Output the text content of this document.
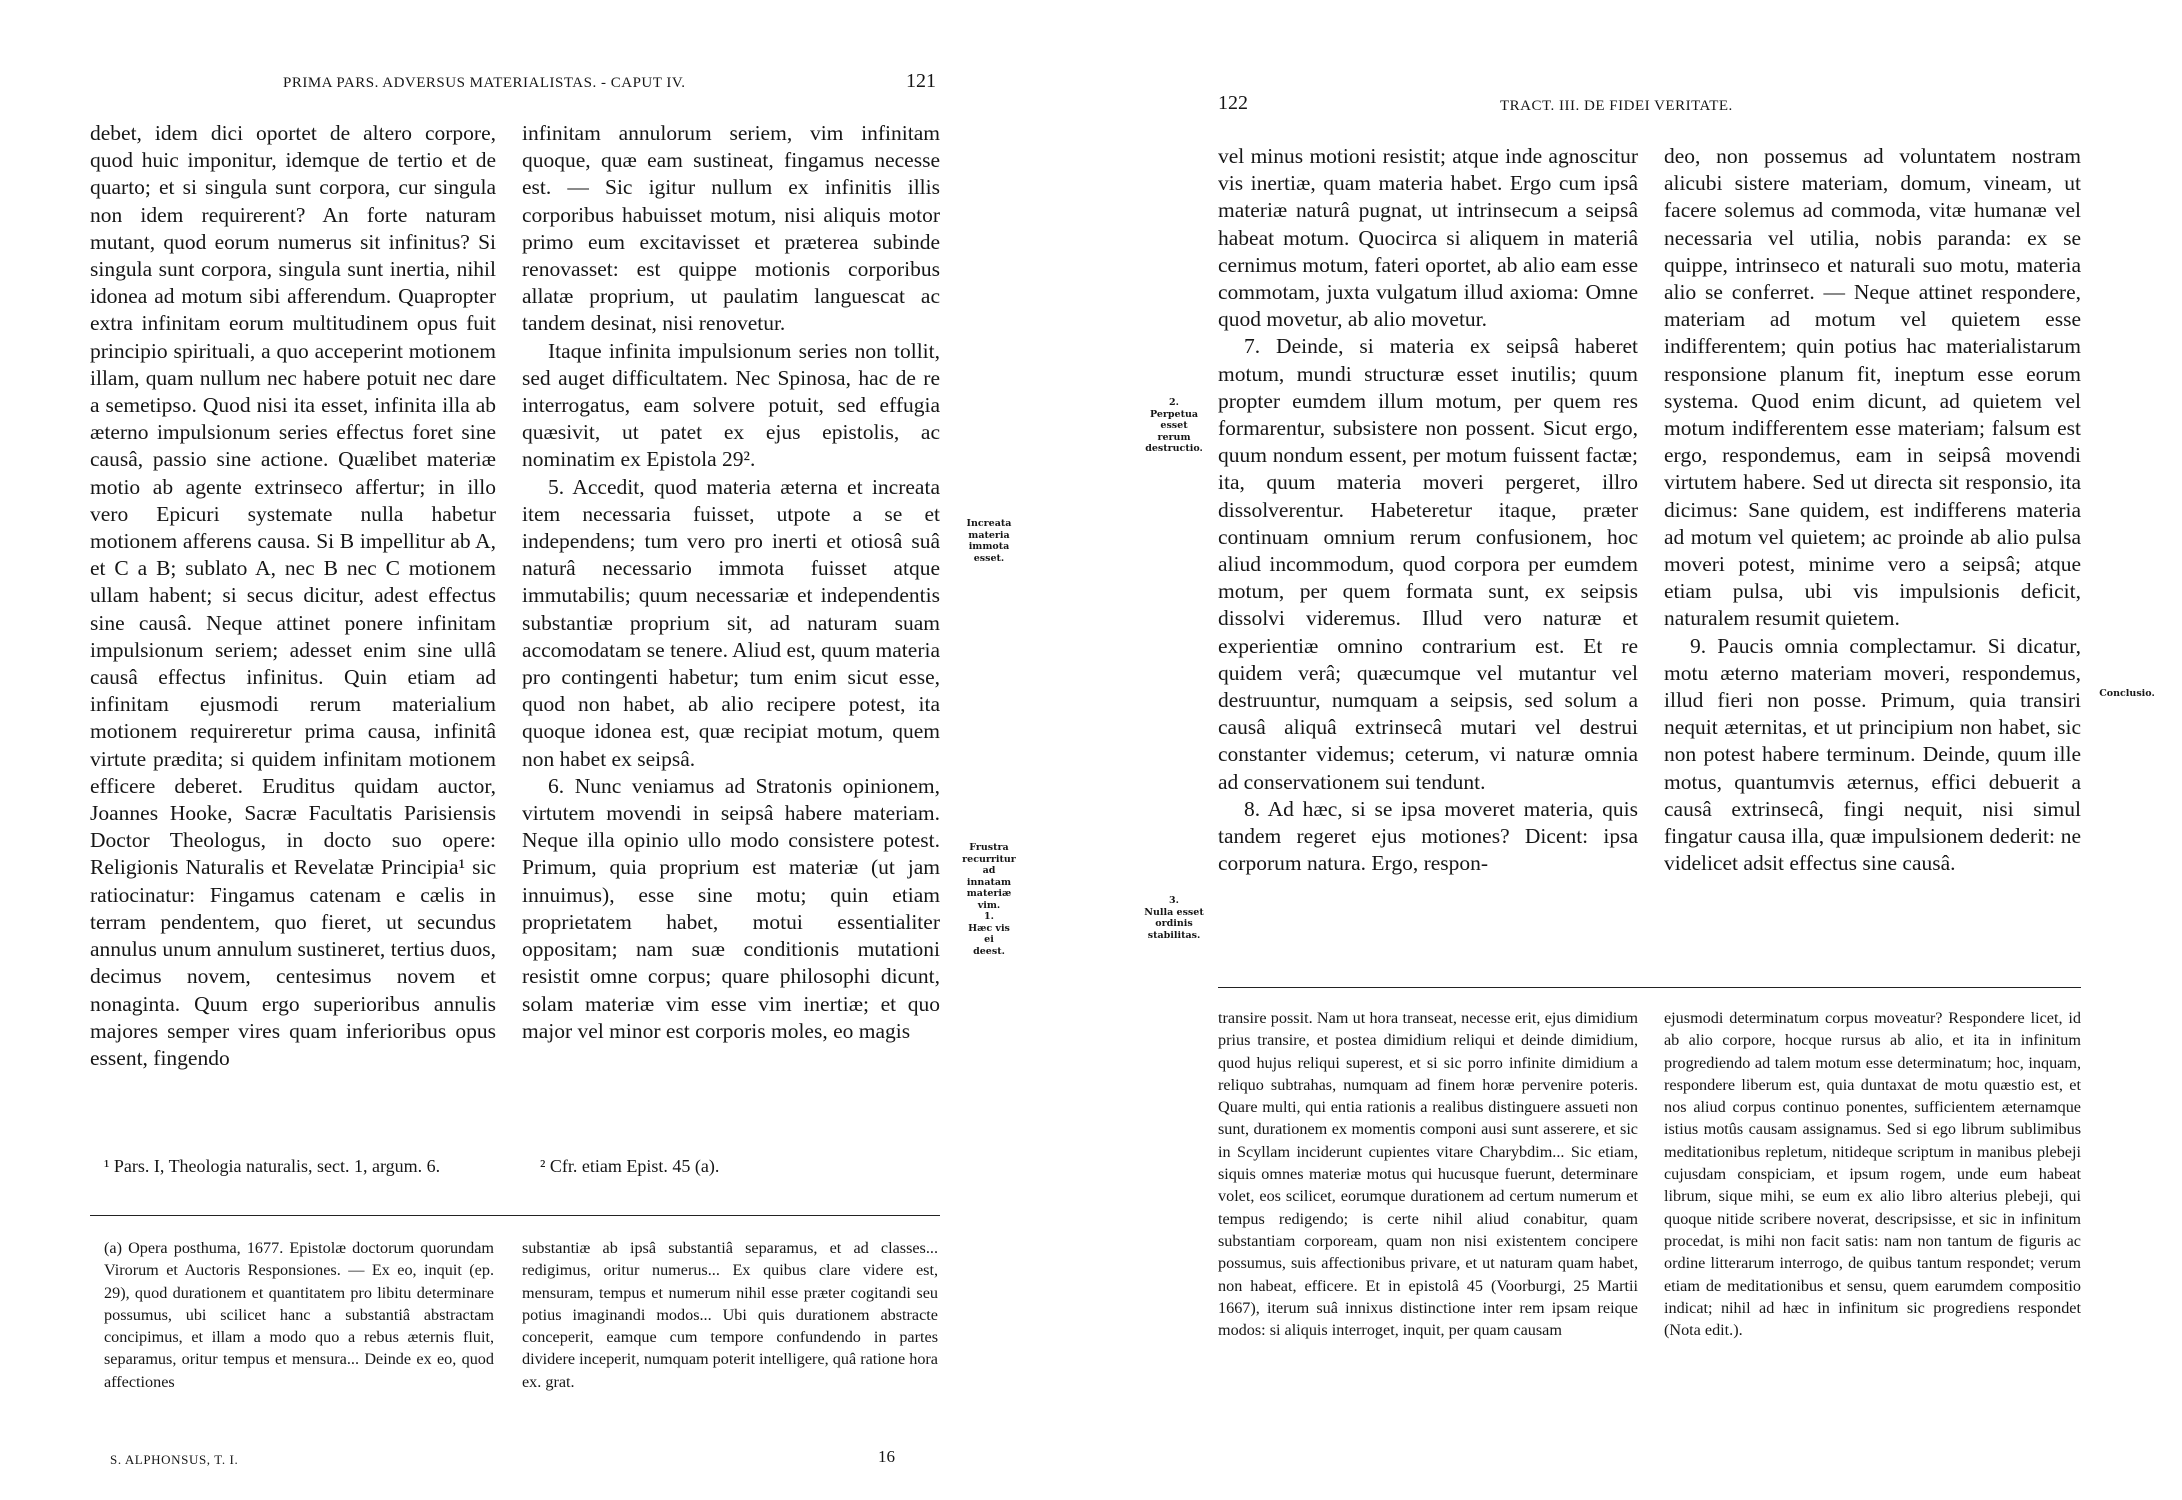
PRIMA PARS. ADVERSUS MATERIALISTAS. - CAPUT IV.	121

debet, idem dici oportet de altero corpore, quod huic imponitur, idemque de tertio et de quarto; et si singula sunt corpora, cur singula non idem requirerent? An forte naturam mutant, quod eorum numerus sit infinitus? Si singula sunt corpora, singula sunt inertia, nihil idonea ad motum sibi afferendum. Quapropter extra infinitam eorum multitudinem opus fuit principio spirituali, a quo acceperint motionem illam, quam nullum nec habere potuit nec dare a semetipso. Quod nisi ita esset, infinita illa ab æterno impulsionum series effectus foret sine causâ, passio sine actione. Quælibet materiæ motio ab agente extrinseco affertur; in illo vero Epicuri systemate nulla habetur motionem afferens causa. Si B impellitur ab A, et C a B; sublato A, nec B nec C motionem ullam habent; si secus dicitur, adest effectus sine causâ. Neque attinet ponere infinitam impulsionum seriem; adesset enim sine ullâ causâ effectus infinitus. Quin etiam ad infinitam ejusmodi rerum materialium motionem requireretur prima causa, infinitâ virtute prædita; si quidem infinitam motionem efficere deberet. Eruditus quidam auctor, Joannes Hooke, Sacræ Facultatis Parisiensis Doctor Theologus, in docto suo opere: Religionis Naturalis et Revelatæ Principia¹ sic ratiocinatur: Fingamus catenam e cælis in terram pendentem, quo fieret, ut secundus annulus unum annulum sustineret, tertius duos, decimus novem, centesimus novem et nonaginta. Quum ergo superioribus annulis majores semper vires quam inferioribus opus essent, fingendo

infinitam annulorum seriem, vim infinitam quoque, quæ eam sustineat, fingamus necesse est. — Sic igitur nullum ex infinitis illis corporibus habuisset motum, nisi aliquis motor primo eum excitavisset et præterea subinde renovasset: est quippe motionis corporibus allatæ proprium, ut paulatim languescat ac tandem desinat, nisi renovetur.

Itaque infinita impulsionum series non tollit, sed auget difficultatem. Nec Spinosa, hac de re interrogatus, eam solvere potuit, sed effugia quæsivit, ut patet ex ejus epistolis, ac nominatim ex Epistola 29².

5. Accedit, quod materia æterna et increata item necessaria fuisset, utpote a se et independens; tum vero pro inerti et otiosâ suâ naturâ necessario immota fuisset atque immutabilis; quum necessariæ et independentis substantiæ proprium sit, ad naturam suam accomodatam se tenere. Aliud est, quum materia pro contingenti habetur; tum enim sicut esse, quod non habet, ab alio recipere potest, ita quoque idonea est, quæ recipiat motum, quem non habet ex seipsâ.

6. Nunc veniamus ad Stratonis opinionem, virtutem movendi in seipsâ habere materiam. Neque illa opinio ullo modo consistere potest. Primum, quia proprium est materiæ (ut jam innuimus), esse sine motu; quin etiam proprietatem habet, motui essentialiter oppositam; nam suæ conditionis mutationi resistit omne corpus; quare philosophi dicunt, solam materiæ vim esse vim inertiæ; et quo major vel minor est corporis moles, eo magis

Increata
materia
immota
esset.
Frustra
recurritur
ad
innatam
materiæ
vim.
1.
Hæc vis
ei
deest.
¹ Pars. I, Theologia naturalis, sect. 1, argum. 6.	² Cfr. etiam Epist. 45 (a).
(a) Opera posthuma, 1677. Epistolæ doctorum quorundam Virorum et Auctoris Responsiones. — Ex eo, inquit (ep. 29), quod durationem et quantitatem pro libitu determinare possumus, ubi scilicet hanc a substantiâ abstractam concipimus, et illam a modo quo a rebus æternis fluit, separamus, oritur tempus et mensura... Deinde ex eo, quod affectiones
substantiæ ab ipsâ substantiâ separamus, et ad classes... redigimus, oritur numerus... Ex quibus clare videre est, mensuram, tempus et numerum nihil esse præter cogitandi seu potius imaginandi modos... Ubi quis durationem abstracte conceperit, eamque cum tempore confundendo in partes dividere inceperit, numquam poterit intelligere, quâ ratione hora ex. grat.
S. ALPHONSUS, T. I.	16
122	TRACT. III. DE FIDEI VERITATE.

vel minus motioni resistit; atque inde agnoscitur vis inertiæ, quam materia habet. Ergo cum ipsâ materiæ naturâ pugnat, ut intrinsecum a seipsâ habeat motum. Quocirca si aliquem in materiâ cernimus motum, fateri oportet, ab alio eam esse commotam, juxta vulgatum illud axioma: Omne quod movetur, ab alio movetur.

7. Deinde, si materia ex seipsâ haberet motum, mundi structuræ esset inutilis; quum propter eumdem illum motum, per quem res formarentur, subsistere non possent. Sicut ergo, quum nondum essent, per motum fuissent factæ; ita, quum materia moveri pergeret, illro dissolverentur. Habeteretur itaque, præter continuam omnium rerum confusionem, hoc aliud incommodum, quod corpora per eumdem motum, per quem formata sunt, ex seipsis dissolvi videremus. Illud vero naturæ et experientiæ omnino contrarium est. Et re quidem verâ; quæcumque vel mutantur vel destruuntur, numquam a seipsis, sed solum a causâ aliquâ extrinsecâ mutari vel destrui constanter videmus; ceterum, vi naturæ omnia ad conservationem sui tendunt.

8. Ad hæc, si se ipsa moveret materia, quis tandem regeret ejus motiones? Dicent: ipsa corporum natura. Ergo, respon-

deo, non possemus ad voluntatem nostram alicubi sistere materiam, domum, vineam, ut facere solemus ad commoda, vitæ humanæ vel necessaria vel utilia, nobis paranda: ex se quippe, intrinseco et naturali suo motu, materia alio se conferret. — Neque attinet respondere, materiam ad motum vel quietem esse indifferentem; quin potius hac materialistarum responsione planum fit, ineptum esse eorum systema. Quod enim dicunt, ad quietem vel motum indifferentem esse materiam; falsum est ergo, respondemus, eam in seipsâ movendi virtutem habere. Sed ut directa sit responsio, ita dicimus: Sane quidem, est indifferens materia ad motum vel quietem; ac proinde ab alio pulsa moveri potest, minime vero a seipsâ; atque etiam pulsa, ubi vis impulsionis deficit, naturalem resumit quietem.

9. Paucis omnia complectamur. Si dicatur, motu æterno materiam moveri, respondemus, illud fieri non posse. Primum, quia transiri nequit æternitas, et ut principium non habet, sic non potest habere terminum. Deinde, quum ille motus, quantumvis æternus, effici debuerit a causâ extrinsecâ, fingi nequit, nisi simul fingatur causa illa, quæ impulsionem dederit: ne videlicet adsit effectus sine causâ.

2.
Perpetua
esset
rerum
destructio.
3.
Nulla esset
ordinis
stabilitas.
Conclusio.
transire possit. Nam ut hora transeat, necesse erit, ejus dimidium prius transire, et postea dimidium reliqui et deinde dimidium, quod hujus reliqui superest, et si sic porro infinite dimidium a reliquo subtrahas, numquam ad finem horæ pervenire poteris. Quare multi, qui entia rationis a realibus distinguere assueti non sunt, durationem ex momentis componi ausi sunt asserere, et sic in Scyllam inciderunt cupientes vitare Charybdim... Sic etiam, siquis omnes materiæ motus qui hucusque fuerunt, determinare volet, eos scilicet, eorumque durationem ad certum numerum et tempus redigendo; is certe nihil aliud conabitur, quam substantiam corpoream, quam non nisi existentem concipere possumus, suis affectionibus privare, et ut naturam quam habet, non habeat, efficere. Et in epistolâ 45 (Voorburgi, 25 Martii 1667), iterum suâ innixus distinctione inter rem ipsam reique modos: si aliquis interroget, inquit, per quam causam
ejusmodi determinatum corpus moveatur? Respondere licet, id ab alio corpore, hocque rursus ab alio, et ita in infinitum progrediendo ad talem motum esse determinatum; hoc, inquam, respondere liberum est, quia duntaxat de motu quæstio est, et nos aliud corpus continuo ponentes, sufficientem æternamque istius motûs causam assignamus. Sed si ego librum sublimibus meditationibus repletum, nitideque scriptum in manibus plebeji cujusdam conspiciam, et ipsum rogem, unde eum habeat librum, sique mihi, se eum ex alio libro alterius plebeji, qui quoque nitide scribere noverat, descripsisse, et sic in infinitum procedat, is mihi non facit satis: nam non tantum de figuris ac ordine litterarum interrogo, de quibus tantum respondet; verum etiam de meditationibus et sensu, quem earumdem compositio indicat; nihil ad hæc in infinitum sic progrediens respondet (Nota edit.).
